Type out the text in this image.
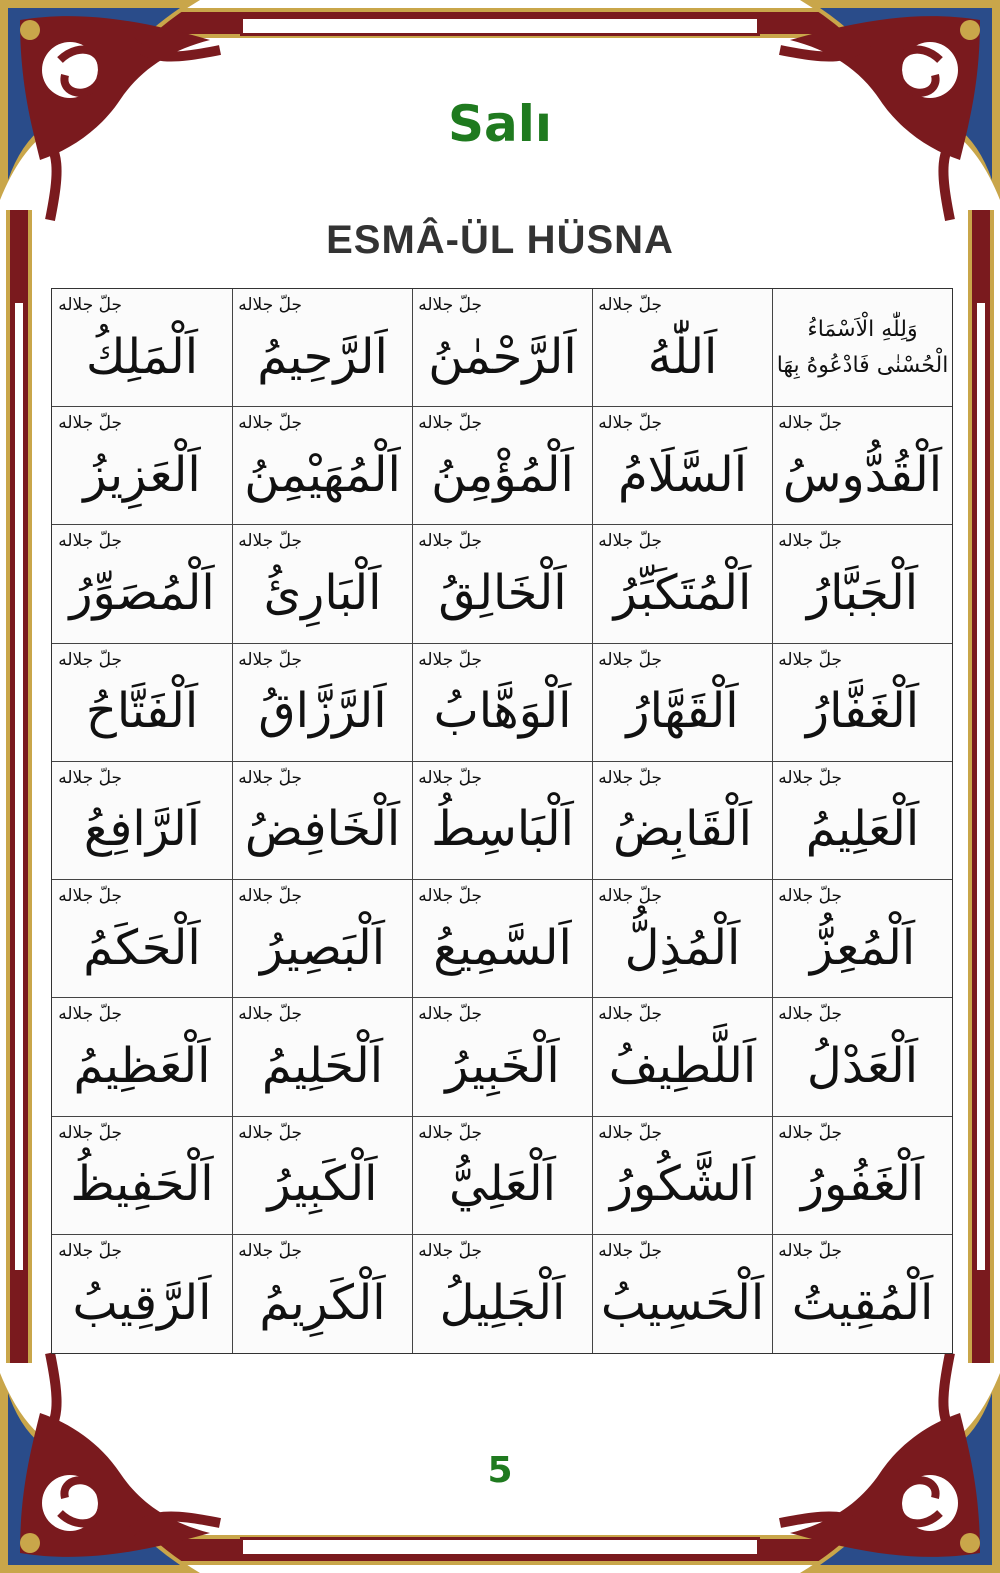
Salı
ESMÂ-ÜL HÜSNA
وَلِلّٰهِ الْاَسْمَاءُ
الْحُسْنٰى فَادْعُوهُ بِهَا
جلّ جلاله
اَللّٰهُ
جلّ جلاله
اَلرَّحْمٰنُ
جلّ جلاله
اَلرَّحِيمُ
جلّ جلاله
اَلْمَلِكُ
جلّ جلاله
اَلْقُدُّوسُ
جلّ جلاله
اَلسَّلَامُ
جلّ جلاله
اَلْمُؤْمِنُ
جلّ جلاله
اَلْمُهَيْمِنُ
جلّ جلاله
اَلْعَزِيزُ
جلّ جلاله
اَلْجَبَّارُ
جلّ جلاله
اَلْمُتَكَبِّرُ
جلّ جلاله
اَلْخَالِقُ
جلّ جلاله
اَلْبَارِئُ
جلّ جلاله
اَلْمُصَوِّرُ
جلّ جلاله
اَلْغَفَّارُ
جلّ جلاله
اَلْقَهَّارُ
جلّ جلاله
اَلْوَهَّابُ
جلّ جلاله
اَلرَّزَّاقُ
جلّ جلاله
اَلْفَتَّاحُ
جلّ جلاله
اَلْعَلِيمُ
جلّ جلاله
اَلْقَابِضُ
جلّ جلاله
اَلْبَاسِطُ
جلّ جلاله
اَلْخَافِضُ
جلّ جلاله
اَلرَّافِعُ
جلّ جلاله
اَلْمُعِزُّ
جلّ جلاله
اَلْمُذِلُّ
جلّ جلاله
اَلسَّمِيعُ
جلّ جلاله
اَلْبَصِيرُ
جلّ جلاله
اَلْحَكَمُ
جلّ جلاله
اَلْعَدْلُ
جلّ جلاله
اَللَّطِيفُ
جلّ جلاله
اَلْخَبِيرُ
جلّ جلاله
اَلْحَلِيمُ
جلّ جلاله
اَلْعَظِيمُ
جلّ جلاله
اَلْغَفُورُ
جلّ جلاله
اَلشَّكُورُ
جلّ جلاله
اَلْعَلِيُّ
جلّ جلاله
اَلْكَبِيرُ
جلّ جلاله
اَلْحَفِيظُ
جلّ جلاله
اَلْمُقِيتُ
جلّ جلاله
اَلْحَسِيبُ
جلّ جلاله
اَلْجَلِيلُ
جلّ جلاله
اَلْكَرِيمُ
جلّ جلاله
اَلرَّقِيبُ
5
